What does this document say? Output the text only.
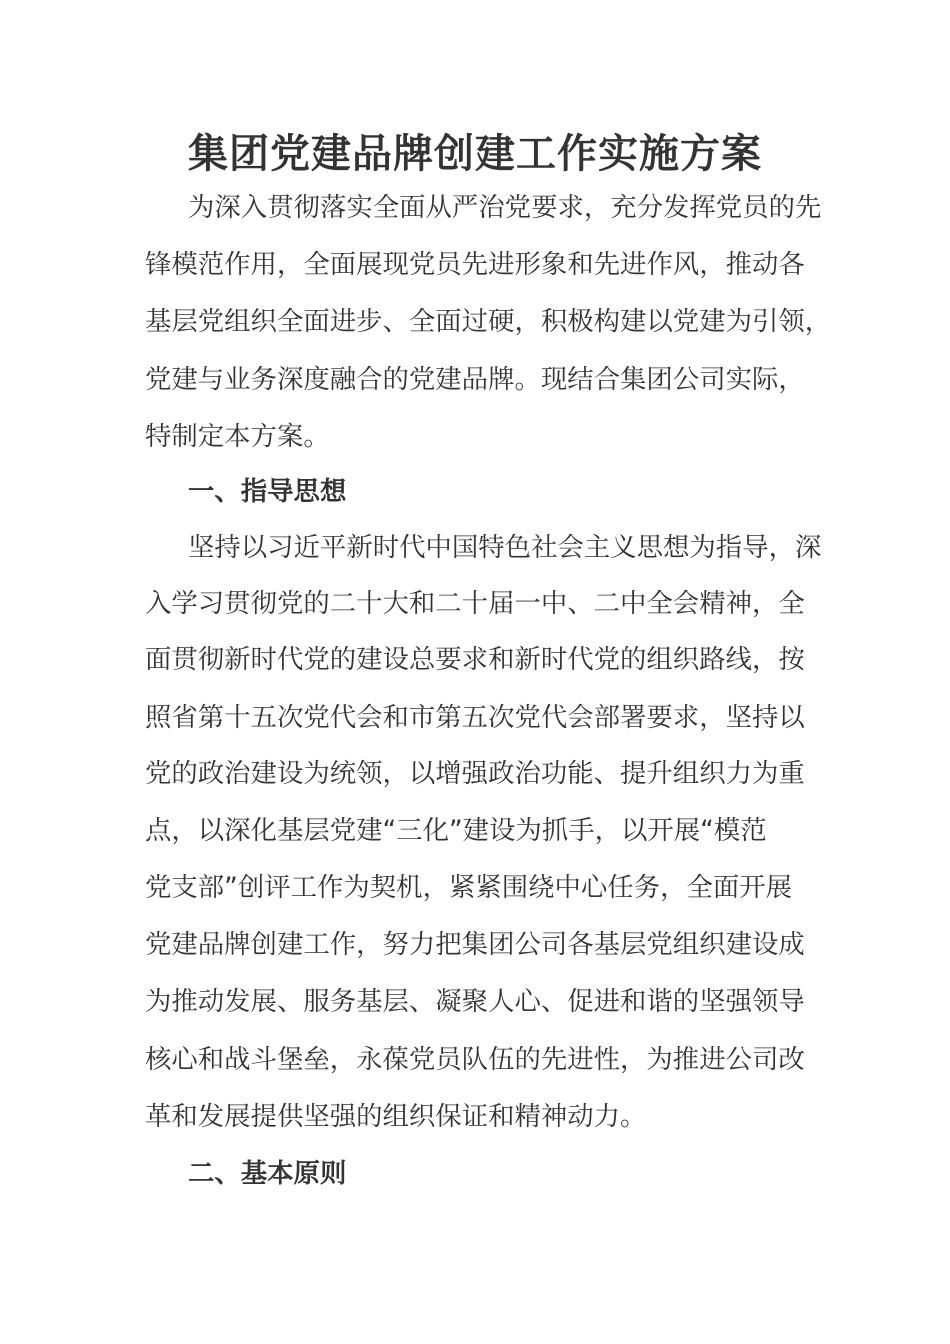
集团党建品牌创建工作实施方案
为深入贯彻落实全面从严治党要求，充分发挥党员的先
锋模范作用，全面展现党员先进形象和先进作风，推动各
基层党组织全面进步、全面过硬，积极构建以党建为引领，
党建与业务深度融合的党建品牌。现结合集团公司实际，
特制定本方案。
一、指导思想
坚持以习近平新时代中国特色社会主义思想为指导，深
入学习贯彻党的二十大和二十届一中、二中全会精神，全
面贯彻新时代党的建设总要求和新时代党的组织路线，按
照省第十五次党代会和市第五次党代会部署要求，坚持以
党的政治建设为统领，以增强政治功能、提升组织力为重
点，以深化基层党建“三化”建设为抓手，以开展“模范
党支部”创评工作为契机，紧紧围绕中心任务，全面开展
党建品牌创建工作，努力把集团公司各基层党组织建设成
为推动发展、服务基层、凝聚人心、促进和谐的坚强领导
核心和战斗堡垒，永葆党员队伍的先进性，为推进公司改
革和发展提供坚强的组织保证和精神动力。
二、基本原则
